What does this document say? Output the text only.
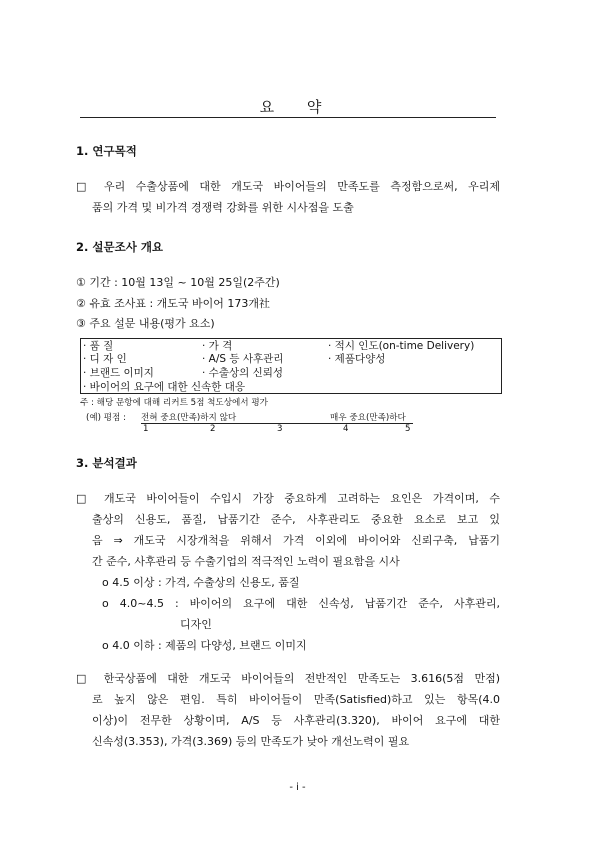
요 약
1. 연구목적
□ 우리 수출상품에 대한 개도국 바이어들의 만족도를 측정함으로써, 우리제
품의 가격 및 비가격 경쟁력 강화를 위한 시사점을 도출
2. 설문조사 개요
① 기간 : 10월 13일 ~ 10월 25일(2주간)
② 유효 조사표 : 개도국 바이어 173개社
③ 주요 설문 내용(평가 요소)
· 품 질	· 가 격	· 적시 인도(on-time Delivery)
· 디 자 인	· A/S 등 사후관리	· 제품다양성
· 브랜드 이미지	· 수출상의 신뢰성
· 바이어의 요구에 대한 신속한 대응
주 : 해당 문항에 대해 리커트 5점 척도상에서 평가
(예) 평점 : 전혀 중요(만족)하지 않다	매우 중요(만족)하다
1	2	3	4	5
3. 분석결과
□ 개도국 바이어들이 수입시 가장 중요하게 고려하는 요인은 가격이며, 수
출상의 신용도, 품질, 납품기간 준수, 사후관리도 중요한 요소로 보고 있
음 ⇒ 개도국 시장개척을 위해서 가격 이외에 바이어와 신뢰구축, 납품기
간 준수, 사후관리 등 수출기업의 적극적인 노력이 필요함을 시사
o 4.5 이상 : 가격, 수출상의 신용도, 품질
o 4.0~4.5 : 바이어의 요구에 대한 신속성, 납품기간 준수, 사후관리,
디자인
o 4.0 이하 : 제품의 다양성, 브랜드 이미지
□ 한국상품에 대한 개도국 바이어들의 전반적인 만족도는 3.616(5점 만점)
로 높지 않은 편임. 특히 바이어들이 만족(Satisfied)하고 있는 항목(4.0
이상)이 전무한 상황이며, A/S 등 사후관리(3.320), 바이어 요구에 대한
신속성(3.353), 가격(3.369) 등의 만족도가 낮아 개선노력이 필요
- i -
